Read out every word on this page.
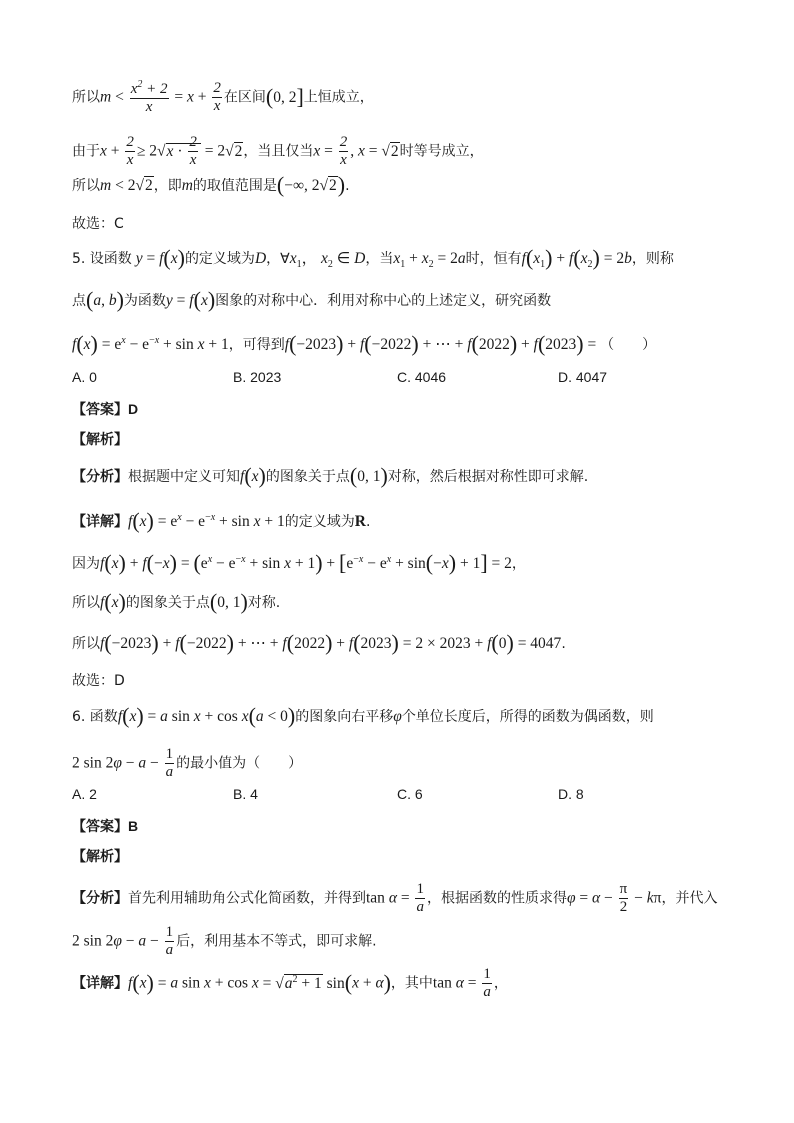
所以$m < \frac{x^2 + 2}{x} = x + \frac{2}{x}$ 在区间(0, 2]上恒成立，
由于$x + \frac{2}{x} \ge 2√x \cdot \frac{2}{x} = 2√2$，当且仅当$x = \frac{2}{x}$ , x = √2时等号成立，
所以m < 2√2，即m的取值范围是(−∞, 2√2).
故选：C
5. 设函数 y = f(x)的定义域为D，$\forall x_1$， $x_2$ ∈ D，当$x_1 + x_2 = 2a$时，恒有$f(x_1) + f(x_2) = 2b$，则称
点(a, b)为函数y = f(x)图象的对称中心．利用对称中心的上述定义，研究函数
$f(x) = e^x - e^{-x} + \sin x + 1$，可得到f(−2023) + f(−2022) + ⋯ + f(2022) + f(2023) = （　　）
A. 0	B. 2023	C. 4046	D. 4047
【答案】D
【解析】
【分析】根据题中定义可知f(x)的图象关于点(0, 1)对称，然后根据对称性即可求解.
【详解】$f(x) = e^x - e^{-x} + \sin x + 1$的定义域为R.
因为$f(x) + f(-x) = (e^x - e^{-x} + \sin x + 1) + [e^{-x} - e^x + \sin(-x) + 1] = 2$，
所以f(x)的图象关于点(0, 1)对称.
所以f(−2023) + f(−2022) + ⋯ + f(2022) + f(2023) = 2 × 2023 + f(0) = 4047.
故选：D
6. 函数f(x) = a sin x + cos x(a < 0)的图象向右平移φ个单位长度后，所得的函数为偶函数，则
2 $\sin 2\varphi - a - \frac{1}{a}$ 的最小值为（　　）
A. 2	B. 4	C. 6	D. 8
【答案】B
【解析】
【分析】首先利用辅助角公式化简函数，并得到$\tan \alpha = \frac{1}{a}$ ，根据函数的性质求得$\varphi = \alpha - \frac{\pi}{2} - k\pi$，并代入
2 $\sin 2\varphi - a - \frac{1}{a}$ 后，利用基本不等式，即可求解.
【详解】f(x) = a $\sin x + \cos x = √a^2 + 1$ sin(x + α)，其中$\tan \alpha = \frac{1}{a}$ ，
